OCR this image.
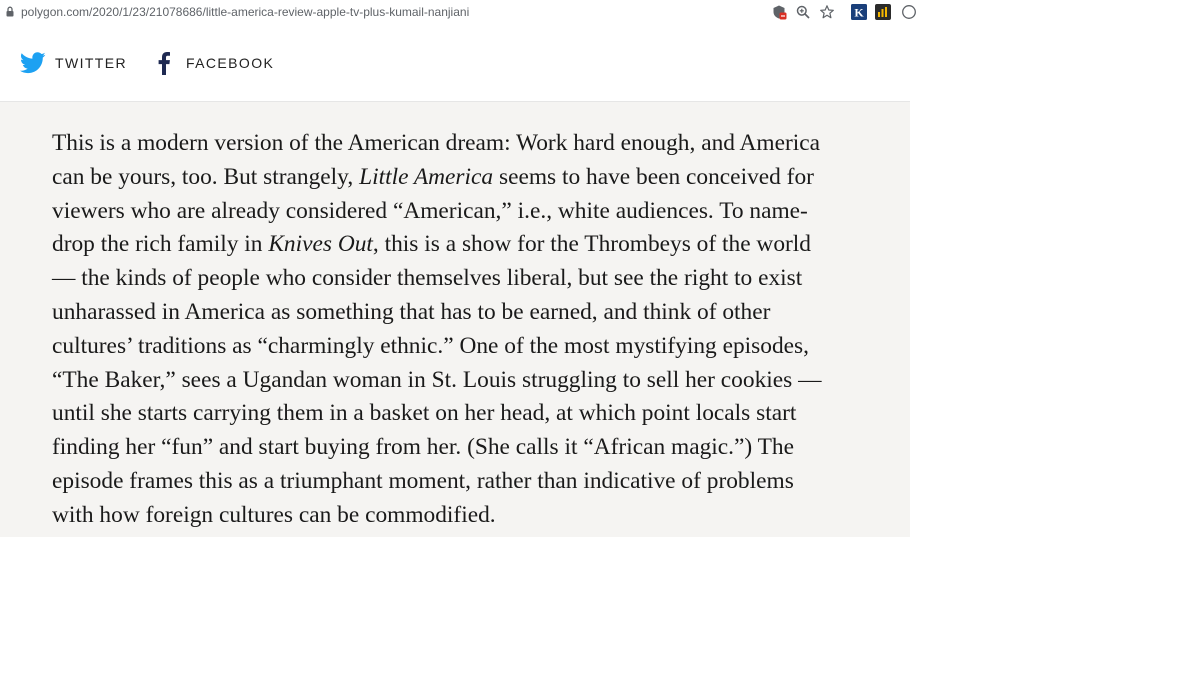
polygon.com/2020/1/23/21078686/little-america-review-apple-tv-plus-kumail-nanjiani	K
TWITTER	FACEBOOK

This is a modern version of the American dream: Work hard enough, and America
can be yours, too. But strangely, Little America seems to have been conceived for
viewers who are already considered “American,” i.e., white audiences. To name-
drop the rich family in Knives Out, this is a show for the Thrombeys of the world
— the kinds of people who consider themselves liberal, but see the right to exist
unharassed in America as something that has to be earned, and think of other
cultures’ traditions as “charmingly ethnic.” One of the most mystifying episodes,
“The Baker,” sees a Ugandan woman in St. Louis struggling to sell her cookies —
until she starts carrying them in a basket on her head, at which point locals start
finding her “fun” and start buying from her. (She calls it “African magic.”) The
episode frames this as a triumphant moment, rather than indicative of problems
with how foreign cultures can be commodified.
